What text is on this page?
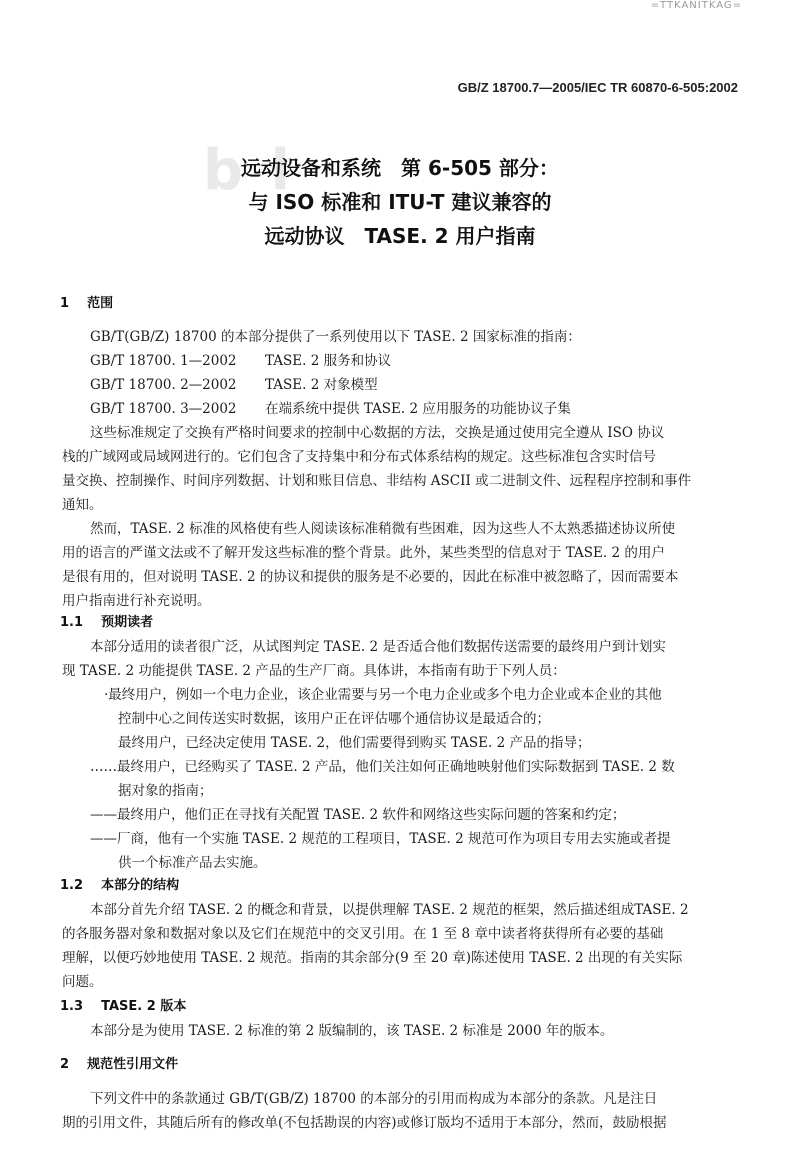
=TTKANITKAG=
GB/Z 18700.7—2005/IEC TR 60870-6-505:2002
b l
远动设备和系统　第 6-505 部分：
与 ISO 标准和 ITU-T 建议兼容的
远动协议　TASE. 2 用户指南
1 范围
GB/T(GB/Z) 18700 的本部分提供了一系列使用以下 TASE. 2 国家标准的指南：
GB/T 18700. 1—2002 TASE. 2 服务和协议
GB/T 18700. 2—2002 TASE. 2 对象模型
GB/T 18700. 3—2002 在端系统中提供 TASE. 2 应用服务的功能协议子集
这些标准规定了交换有严格时间要求的控制中心数据的方法，交换是通过使用完全遵从 ISO 协议
栈的广域网或局域网进行的。它们包含了支持集中和分布式体系结构的规定。这些标准包含实时信号
量交换、控制操作、时间序列数据、计划和账目信息、非结构 ASCII 或二进制文件、远程程序控制和事件
通知。
然而，TASE. 2 标准的风格使有些人阅读该标准稍微有些困难，因为这些人不太熟悉描述协议所使
用的语言的严谨文法或不了解开发这些标准的整个背景。此外，某些类型的信息对于 TASE. 2 的用户
是很有用的，但对说明 TASE. 2 的协议和提供的服务是不必要的，因此在标准中被忽略了，因而需要本
用户指南进行补充说明。
1.1 预期读者
本部分适用的读者很广泛，从试图判定 TASE. 2 是否适合他们数据传送需要的最终用户到计划实
现 TASE. 2 功能提供 TASE. 2 产品的生产厂商。具体讲，本指南有助于下列人员：
·最终用户，例如一个电力企业，该企业需要与另一个电力企业或多个电力企业或本企业的其他
控制中心之间传送实时数据，该用户正在评估哪个通信协议是最适合的；
最终用户，已经决定使用 TASE. 2，他们需要得到购买 TASE. 2 产品的指导；
……最终用户，已经购买了 TASE. 2 产品，他们关注如何正确地映射他们实际数据到 TASE. 2 数
据对象的指南；
——最终用户，他们正在寻找有关配置 TASE. 2 软件和网络这些实际问题的答案和约定；
——厂商，他有一个实施 TASE. 2 规范的工程项目，TASE. 2 规范可作为项目专用去实施或者提
供一个标准产品去实施。
1.2 本部分的结构
本部分首先介绍 TASE. 2 的概念和背景，以提供理解 TASE. 2 规范的框架，然后描述组成TASE. 2
的各服务器对象和数据对象以及它们在规范中的交叉引用。在 1 至 8 章中读者将获得所有必要的基础
理解，以便巧妙地使用 TASE. 2 规范。指南的其余部分(9 至 20 章)陈述使用 TASE. 2 出现的有关实际
问题。
1.3 TASE. 2 版本
本部分是为使用 TASE. 2 标准的第 2 版编制的，该 TASE. 2 标准是 2000 年的版本。
2 规范性引用文件
下列文件中的条款通过 GB/T(GB/Z) 18700 的本部分的引用而构成为本部分的条款。凡是注日
期的引用文件，其随后所有的修改单(不包括勘误的内容)或修订版均不适用于本部分，然而，鼓励根据
